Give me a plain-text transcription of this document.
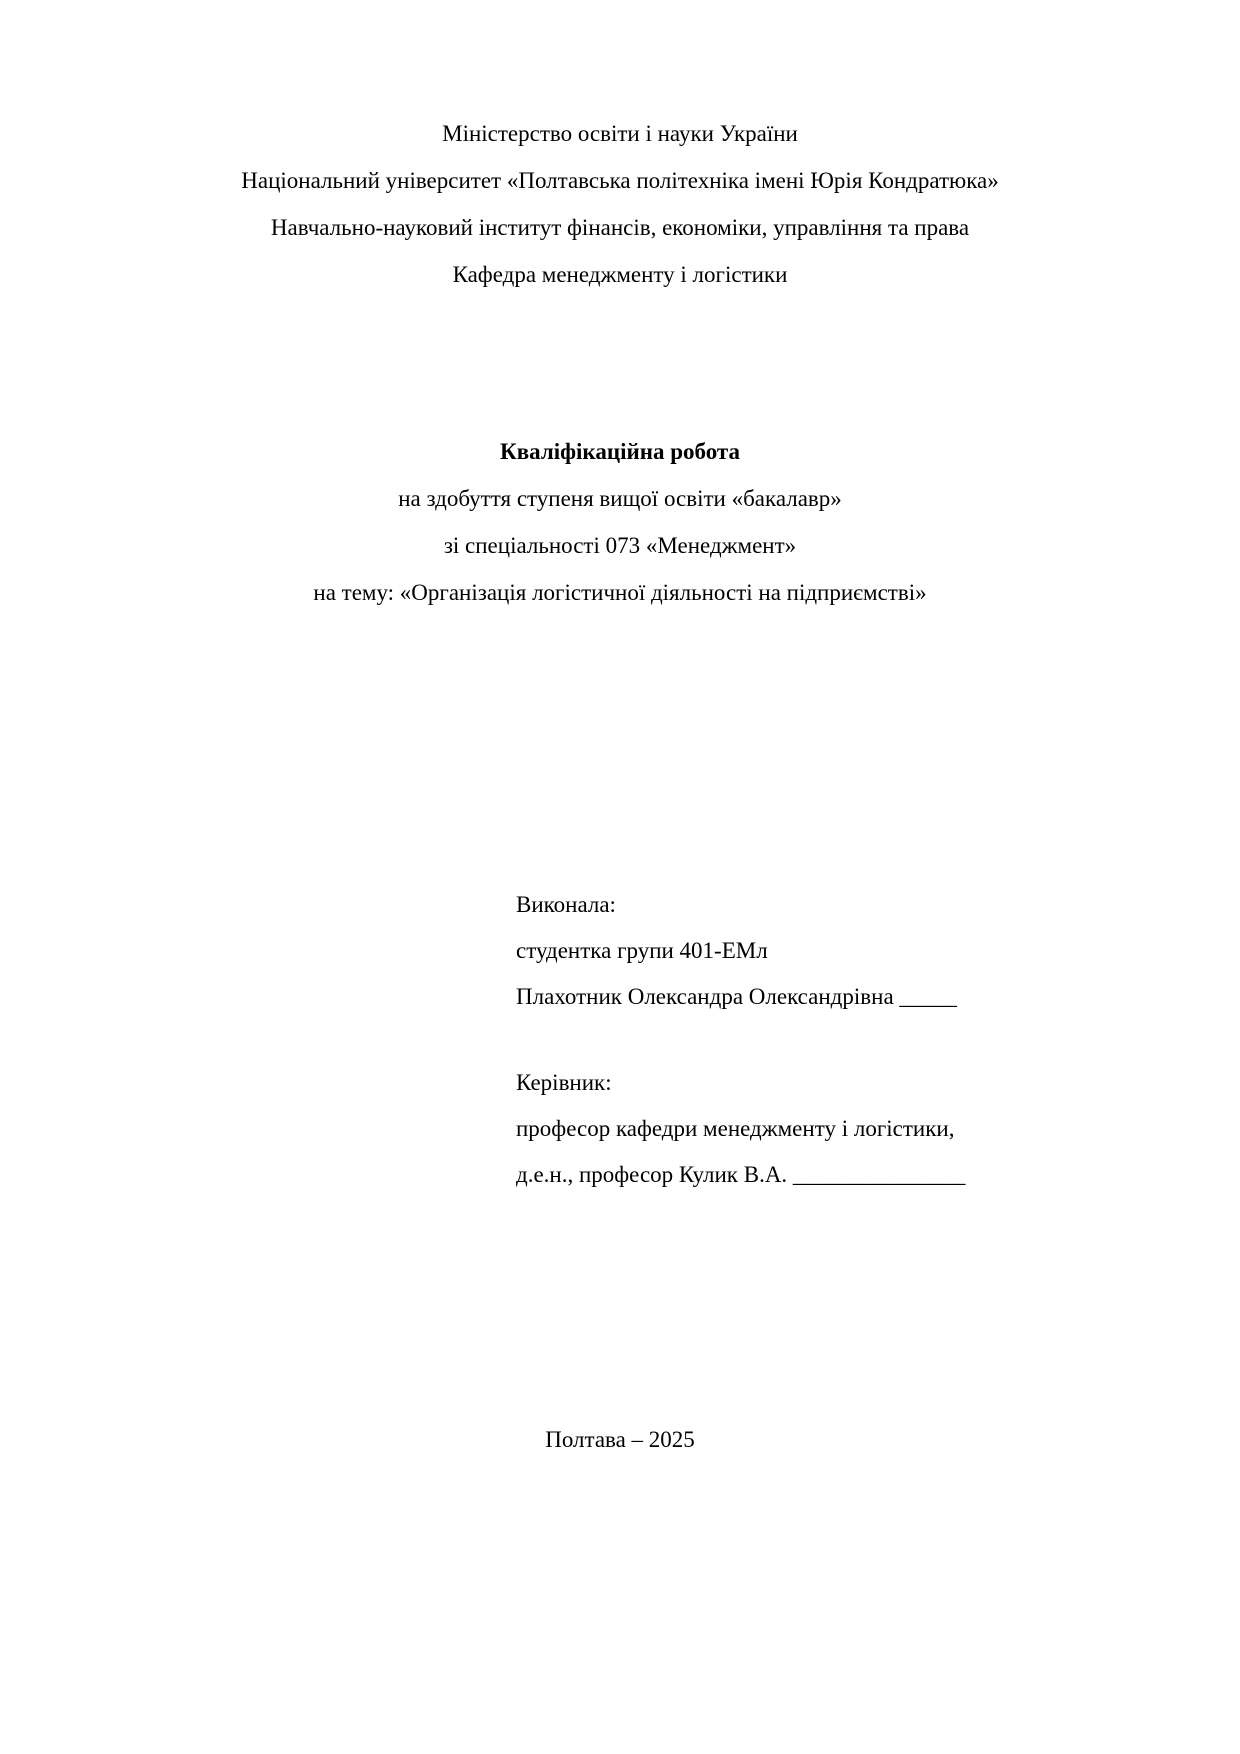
Міністерство освіти і науки України

Національний університет «Полтавська політехніка імені Юрія Кондратюка»

Навчально-науковий інститут фінансів, економіки, управління та права

Кафедра менеджменту і логістики

Кваліфікаційна робота

на здобуття ступеня вищої освіти «бакалавр»

зі спеціальності 073 «Менеджмент»

на тему: «Організація логістичної діяльності на підприємстві»

Виконала:

студентка групи 401-ЕМл

Плахотник Олександра Олександрівна _____

Керівник:

професор кафедри менеджменту і логістики,

д.е.н., професор Кулик В.А. _______________

Полтава – 2025
